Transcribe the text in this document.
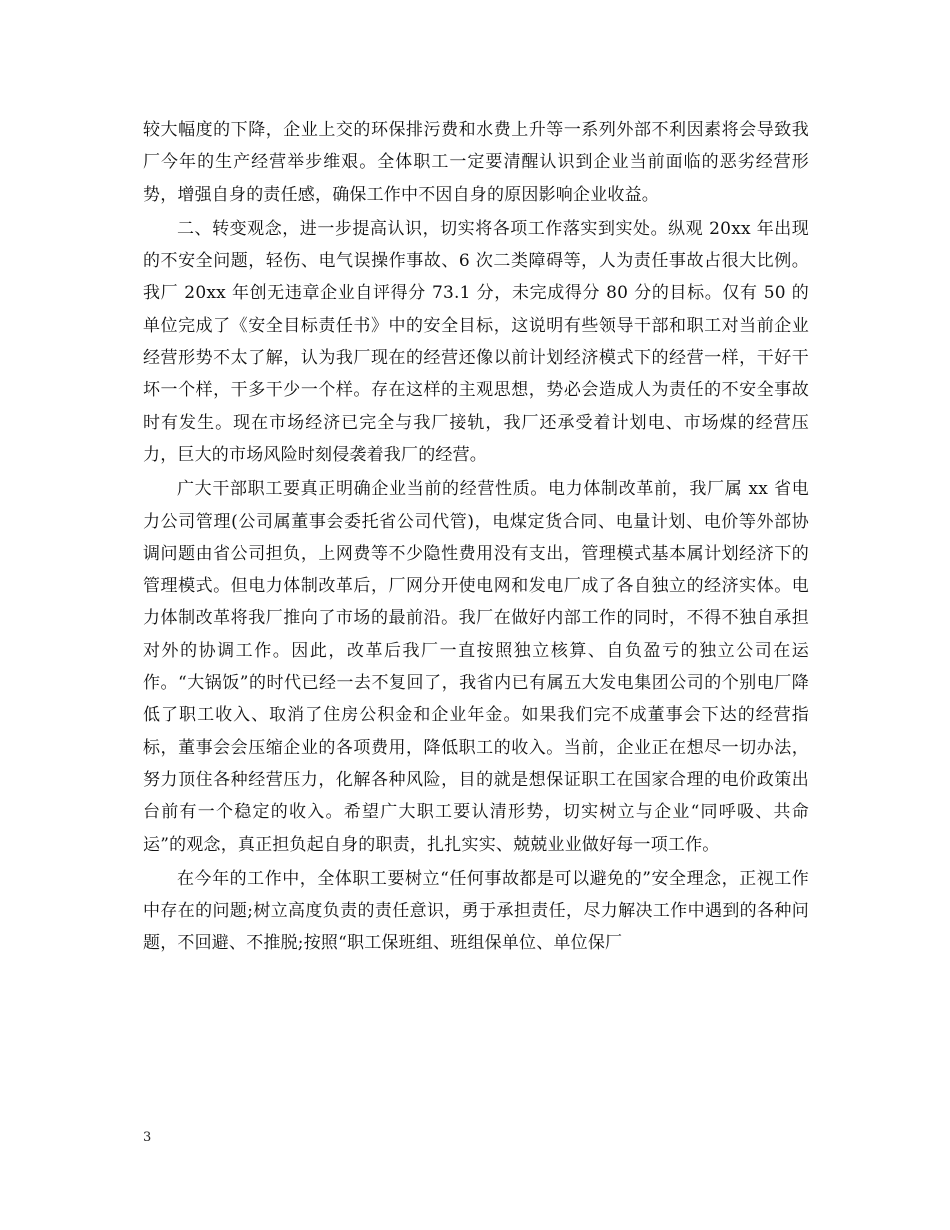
较大幅度的下降，企业上交的环保排污费和水费上升等一系列外部不利因素将会导致我厂今年的生产经营举步维艰。全体职工一定要清醒认识到企业当前面临的恶劣经营形势，增强自身的责任感，确保工作中不因自身的原因影响企业收益。

二、转变观念，进一步提高认识，切实将各项工作落实到实处。纵观 20xx 年出现的不安全问题，轻伤、电气误操作事故、6 次二类障碍等，人为责任事故占很大比例。我厂 20xx 年创无违章企业自评得分 73.1 分，未完成得分 80 分的目标。仅有 50 的单位完成了《安全目标责任书》中的安全目标，这说明有些领导干部和职工对当前企业经营形势不太了解，认为我厂现在的经营还像以前计划经济模式下的经营一样，干好干坏一个样，干多干少一个样。存在这样的主观思想，势必会造成人为责任的不安全事故时有发生。现在市场经济已完全与我厂接轨，我厂还承受着计划电、市场煤的经营压力，巨大的市场风险时刻侵袭着我厂的经营。

广大干部职工要真正明确企业当前的经营性质。电力体制改革前，我厂属 xx 省电力公司管理(公司属董事会委托省公司代管)，电煤定货合同、电量计划、电价等外部协调问题由省公司担负，上网费等不少隐性费用没有支出，管理模式基本属计划经济下的管理模式。但电力体制改革后，厂网分开使电网和发电厂成了各自独立的经济实体。电力体制改革将我厂推向了市场的最前沿。我厂在做好内部工作的同时，不得不独自承担对外的协调工作。因此，改革后我厂一直按照独立核算、自负盈亏的独立公司在运作。“大锅饭”的时代已经一去不复回了，我省内已有属五大发电集团公司的个别电厂降低了职工收入、取消了住房公积金和企业年金。如果我们完不成董事会下达的经营指标，董事会会压缩企业的各项费用，降低职工的收入。当前，企业正在想尽一切办法，努力顶住各种经营压力，化解各种风险，目的就是想保证职工在国家合理的电价政策出台前有一个稳定的收入。希望广大职工要认清形势，切实树立与企业“同呼吸、共命运”的观念，真正担负起自身的职责，扎扎实实、兢兢业业做好每一项工作。

在今年的工作中，全体职工要树立“任何事故都是可以避免的”安全理念，正视工作中存在的问题;树立高度负责的责任意识，勇于承担责任，尽力解决工作中遇到的各种问题，不回避、不推脱;按照“职工保班组、班组保单位、单位保厂

3
